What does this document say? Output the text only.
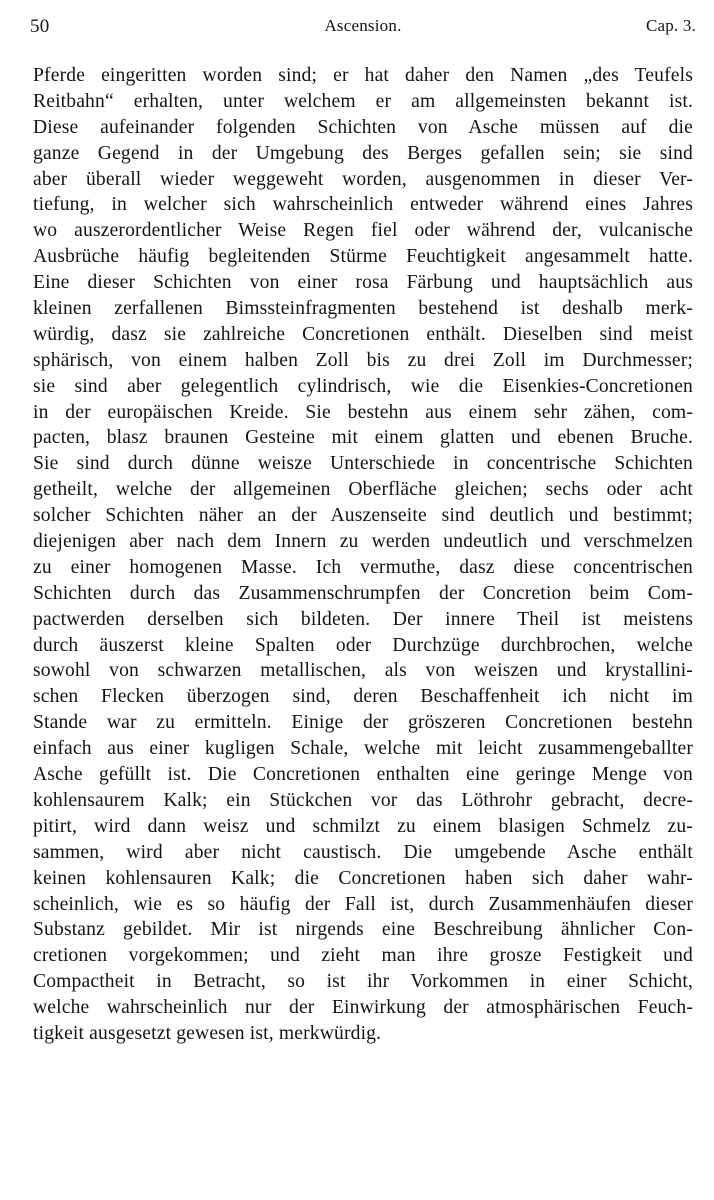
50	Ascension.	Cap. 3.
Pferde eingeritten worden sind; er hat daher den Namen „des Teufels
Reitbahn“ erhalten, unter welchem er am allgemeinsten bekannt ist.
Diese aufeinander folgenden Schichten von Asche müssen auf die
ganze Gegend in der Umgebung des Berges gefallen sein; sie sind
aber überall wieder weggeweht worden, ausgenommen in dieser Ver-
tiefung, in welcher sich wahrscheinlich entweder während eines Jahres
wo auszerordentlicher Weise Regen fiel oder während der, vulcanische
Ausbrüche häufig begleitenden Stürme Feuchtigkeit angesammelt hatte.
Eine dieser Schichten von einer rosa Färbung und hauptsächlich aus
kleinen zerfallenen Bimssteinfragmenten bestehend ist deshalb merk-
würdig, dasz sie zahlreiche Concretionen enthält. Dieselben sind meist
sphärisch, von einem halben Zoll bis zu drei Zoll im Durchmesser;
sie sind aber gelegentlich cylindrisch, wie die Eisenkies-Concretionen
in der europäischen Kreide. Sie bestehn aus einem sehr zähen, com-
pacten, blasz braunen Gesteine mit einem glatten und ebenen Bruche.
Sie sind durch dünne weisze Unterschiede in concentrische Schichten
getheilt, welche der allgemeinen Oberfläche gleichen; sechs oder acht
solcher Schichten näher an der Auszenseite sind deutlich und bestimmt;
diejenigen aber nach dem Innern zu werden undeutlich und verschmelzen
zu einer homogenen Masse. Ich vermuthe, dasz diese concentrischen
Schichten durch das Zusammenschrumpfen der Concretion beim Com-
pactwerden derselben sich bildeten. Der innere Theil ist meistens
durch äuszerst kleine Spalten oder Durchzüge durchbrochen, welche
sowohl von schwarzen metallischen, als von weiszen und krystallini-
schen Flecken überzogen sind, deren Beschaffenheit ich nicht im
Stande war zu ermitteln. Einige der gröszeren Concretionen bestehn
einfach aus einer kugligen Schale, welche mit leicht zusammengeballter
Asche gefüllt ist. Die Concretionen enthalten eine geringe Menge von
kohlensaurem Kalk; ein Stückchen vor das Löthrohr gebracht, decre-
pitirt, wird dann weisz und schmilzt zu einem blasigen Schmelz zu-
sammen, wird aber nicht caustisch. Die umgebende Asche enthält
keinen kohlensauren Kalk; die Concretionen haben sich daher wahr-
scheinlich, wie es so häufig der Fall ist, durch Zusammenhäufen dieser
Substanz gebildet. Mir ist nirgends eine Beschreibung ähnlicher Con-
cretionen vorgekommen; und zieht man ihre grosze Festigkeit und
Compactheit in Betracht, so ist ihr Vorkommen in einer Schicht,
welche wahrscheinlich nur der Einwirkung der atmosphärischen Feuch-
tigkeit ausgesetzt gewesen ist, merkwürdig.
